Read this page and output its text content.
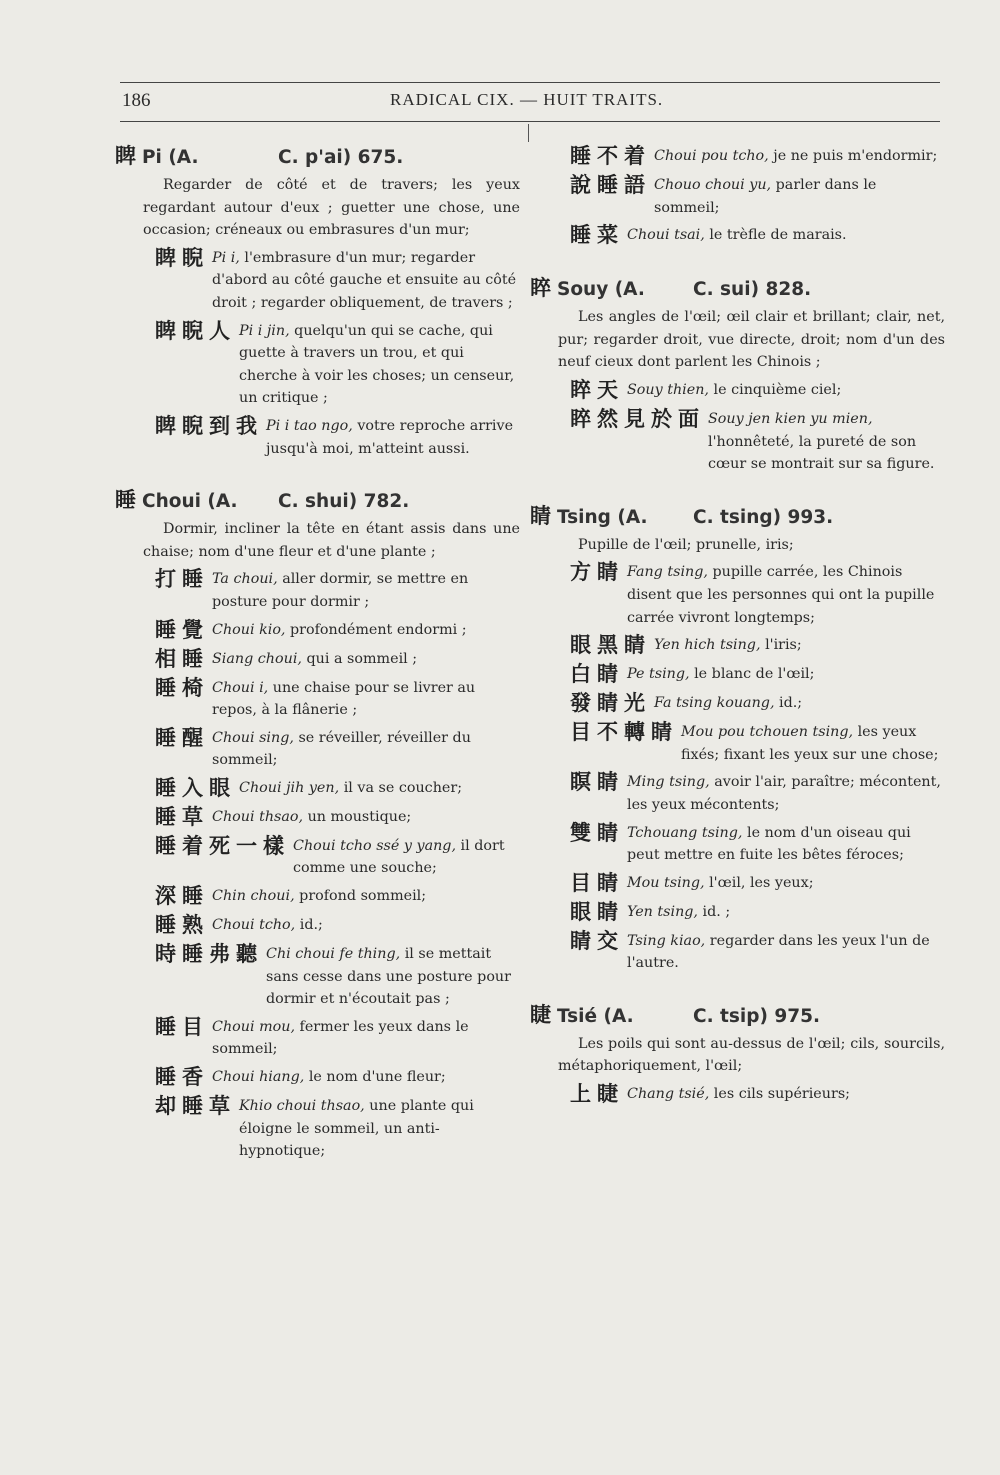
186	RADICAL CIX. — HUIT TRAITS.
睥 Pi (A.	C. p'ai) 675.
Regarder de côté et de travers; les yeux regardant autour d'eux ; guetter une chose, une occasion; créneaux ou embrasures d'un mur;
睥睨 Pi i, l'embrasure d'un mur; regarder d'abord au côté gauche et ensuite au côté droit ; regarder obliquement, de travers ;
睥睨人 Pi i jin, quelqu'un qui se cache, qui guette à travers un trou, et qui cherche à voir les choses; un censeur, un critique ;
睥睨到我 Pi i tao ngo, votre reproche arrive jusqu'à moi, m'atteint aussi.
睡 Choui (A.	C. shui) 782.
Dormir, incliner la tête en étant assis dans une chaise; nom d'une fleur et d'une plante ;
打睡 Ta choui, aller dormir, se mettre en posture pour dormir ;
睡覺 Choui kio, profondément endormi ;
相睡 Siang choui, qui a sommeil ;
睡椅 Choui i, une chaise pour se livrer au repos, à la flânerie ;
睡醒 Choui sing, se réveiller, réveiller du sommeil;
睡入眼 Choui jih yen, il va se coucher;
睡草 Choui thsao, un moustique;
睡着死一樣 Choui tcho ssé y yang, il dort comme une souche;
深睡 Chin choui, profond sommeil;
睡熟 Choui tcho, id.;
時睡弗聽 Chi choui fe thing, il se mettait sans cesse dans une posture pour dormir et n'écoutait pas ;
睡目 Choui mou, fermer les yeux dans le sommeil;
睡香 Choui hiang, le nom d'une fleur;
却睡草 Khio choui thsao, une plante qui éloigne le sommeil, un anti-hypnotique;
睡不着 Choui pou tcho, je ne puis m'endormir;
說睡語 Chouo choui yu, parler dans le sommeil;
睡菜 Choui tsai, le trèfle de marais.
睟 Souy (A.	C. sui) 828.
Les angles de l'œil; œil clair et brillant; clair, net, pur; regarder droit, vue directe, droit; nom d'un des neuf cieux dont parlent les Chinois ;
睟天 Souy thien, le cinquième ciel;
睟然見於面 Souy jen kien yu mien, l'honnêteté, la pureté de son cœur se montrait sur sa figure.
睛 Tsing (A.	C. tsing) 993.
Pupille de l'œil; prunelle, iris;
方睛 Fang tsing, pupille carrée, les Chinois disent que les personnes qui ont la pupille carrée vivront longtemps;
眼黑睛 Yen hich tsing, l'iris;
白睛 Pe tsing, le blanc de l'œil;
發睛光 Fa tsing kouang, id.;
目不轉睛 Mou pou tchouen tsing, les yeux fixés; fixant les yeux sur une chose;
瞑睛 Ming tsing, avoir l'air, paraître; mécontent, les yeux mécontents;
雙睛 Tchouang tsing, le nom d'un oiseau qui peut mettre en fuite les bêtes féroces;
目睛 Mou tsing, l'œil, les yeux;
眼睛 Yen tsing, id. ;
睛交 Tsing kiao, regarder dans les yeux l'un de l'autre.
睫 Tsié (A.	C. tsip) 975.
Les poils qui sont au-dessus de l'œil; cils, sourcils, métaphoriquement, l'œil;
上睫 Chang tsié, les cils supérieurs;
